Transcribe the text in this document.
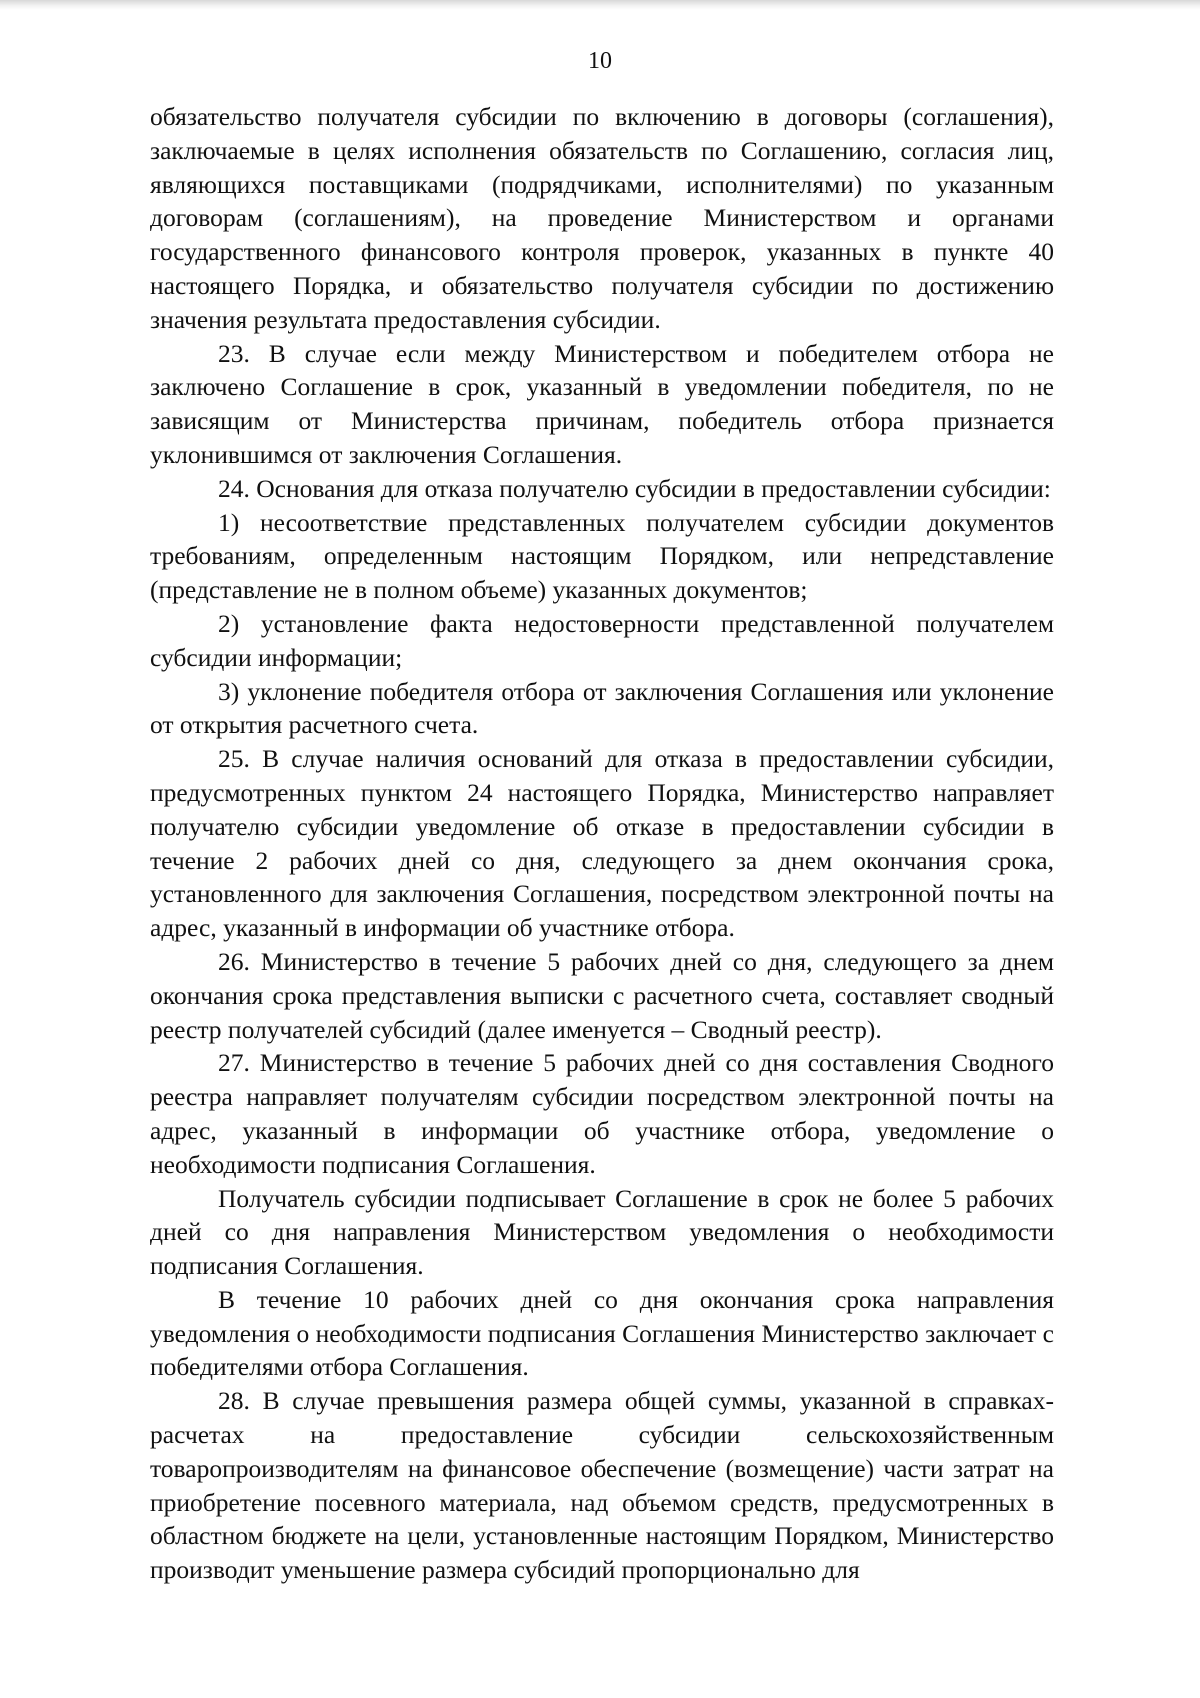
10

обязательство получателя субсидии по включению в договоры (соглашения), заключаемые в целях исполнения обязательств по Соглашению, согласия лиц, являющихся поставщиками (подрядчиками, исполнителями) по указанным договорам (соглашениям), на проведение Министерством и органами государственного финансового контроля проверок, указанных в пункте 40 настоящего Порядка, и обязательство получателя субсидии по достижению значения результата предоставления субсидии.

23. В случае если между Министерством и победителем отбора не заключено Соглашение в срок, указанный в уведомлении победителя, по не зависящим от Министерства причинам, победитель отбора признается уклонившимся от заключения Соглашения.

24. Основания для отказа получателю субсидии в предоставлении субсидии:

1) несоответствие представленных получателем субсидии документов требованиям, определенным настоящим Порядком, или непредставление (представление не в полном объеме) указанных документов;

2) установление факта недостоверности представленной получателем субсидии информации;

3) уклонение победителя отбора от заключения Соглашения или уклонение от открытия расчетного счета.

25. В случае наличия оснований для отказа в предоставлении субсидии, предусмотренных пунктом 24 настоящего Порядка, Министерство направляет получателю субсидии уведомление об отказе в предоставлении субсидии в течение 2 рабочих дней со дня, следующего за днем окончания срока, установленного для заключения Соглашения, посредством электронной почты на адрес, указанный в информации об участнике отбора.

26. Министерство в течение 5 рабочих дней со дня, следующего за днем окончания срока представления выписки с расчетного счета, составляет сводный реестр получателей субсидий (далее именуется – Сводный реестр).

27. Министерство в течение 5 рабочих дней со дня составления Сводного реестра направляет получателям субсидии посредством электронной почты на адрес, указанный в информации об участнике отбора, уведомление о необходимости подписания Соглашения.

Получатель субсидии подписывает Соглашение в срок не более 5 рабочих дней со дня направления Министерством уведомления о необходимости подписания Соглашения.

В течение 10 рабочих дней со дня окончания срока направления уведомления о необходимости подписания Соглашения Министерство заключает с победителями отбора Соглашения.

28. В случае превышения размера общей суммы, указанной в справках-расчетах на предоставление субсидии сельскохозяйственным товаропроизводителям на финансовое обеспечение (возмещение) части затрат на приобретение посевного материала, над объемом средств, предусмотренных в областном бюджете на цели, установленные настоящим Порядком, Министерство производит уменьшение размера субсидий пропорционально для
